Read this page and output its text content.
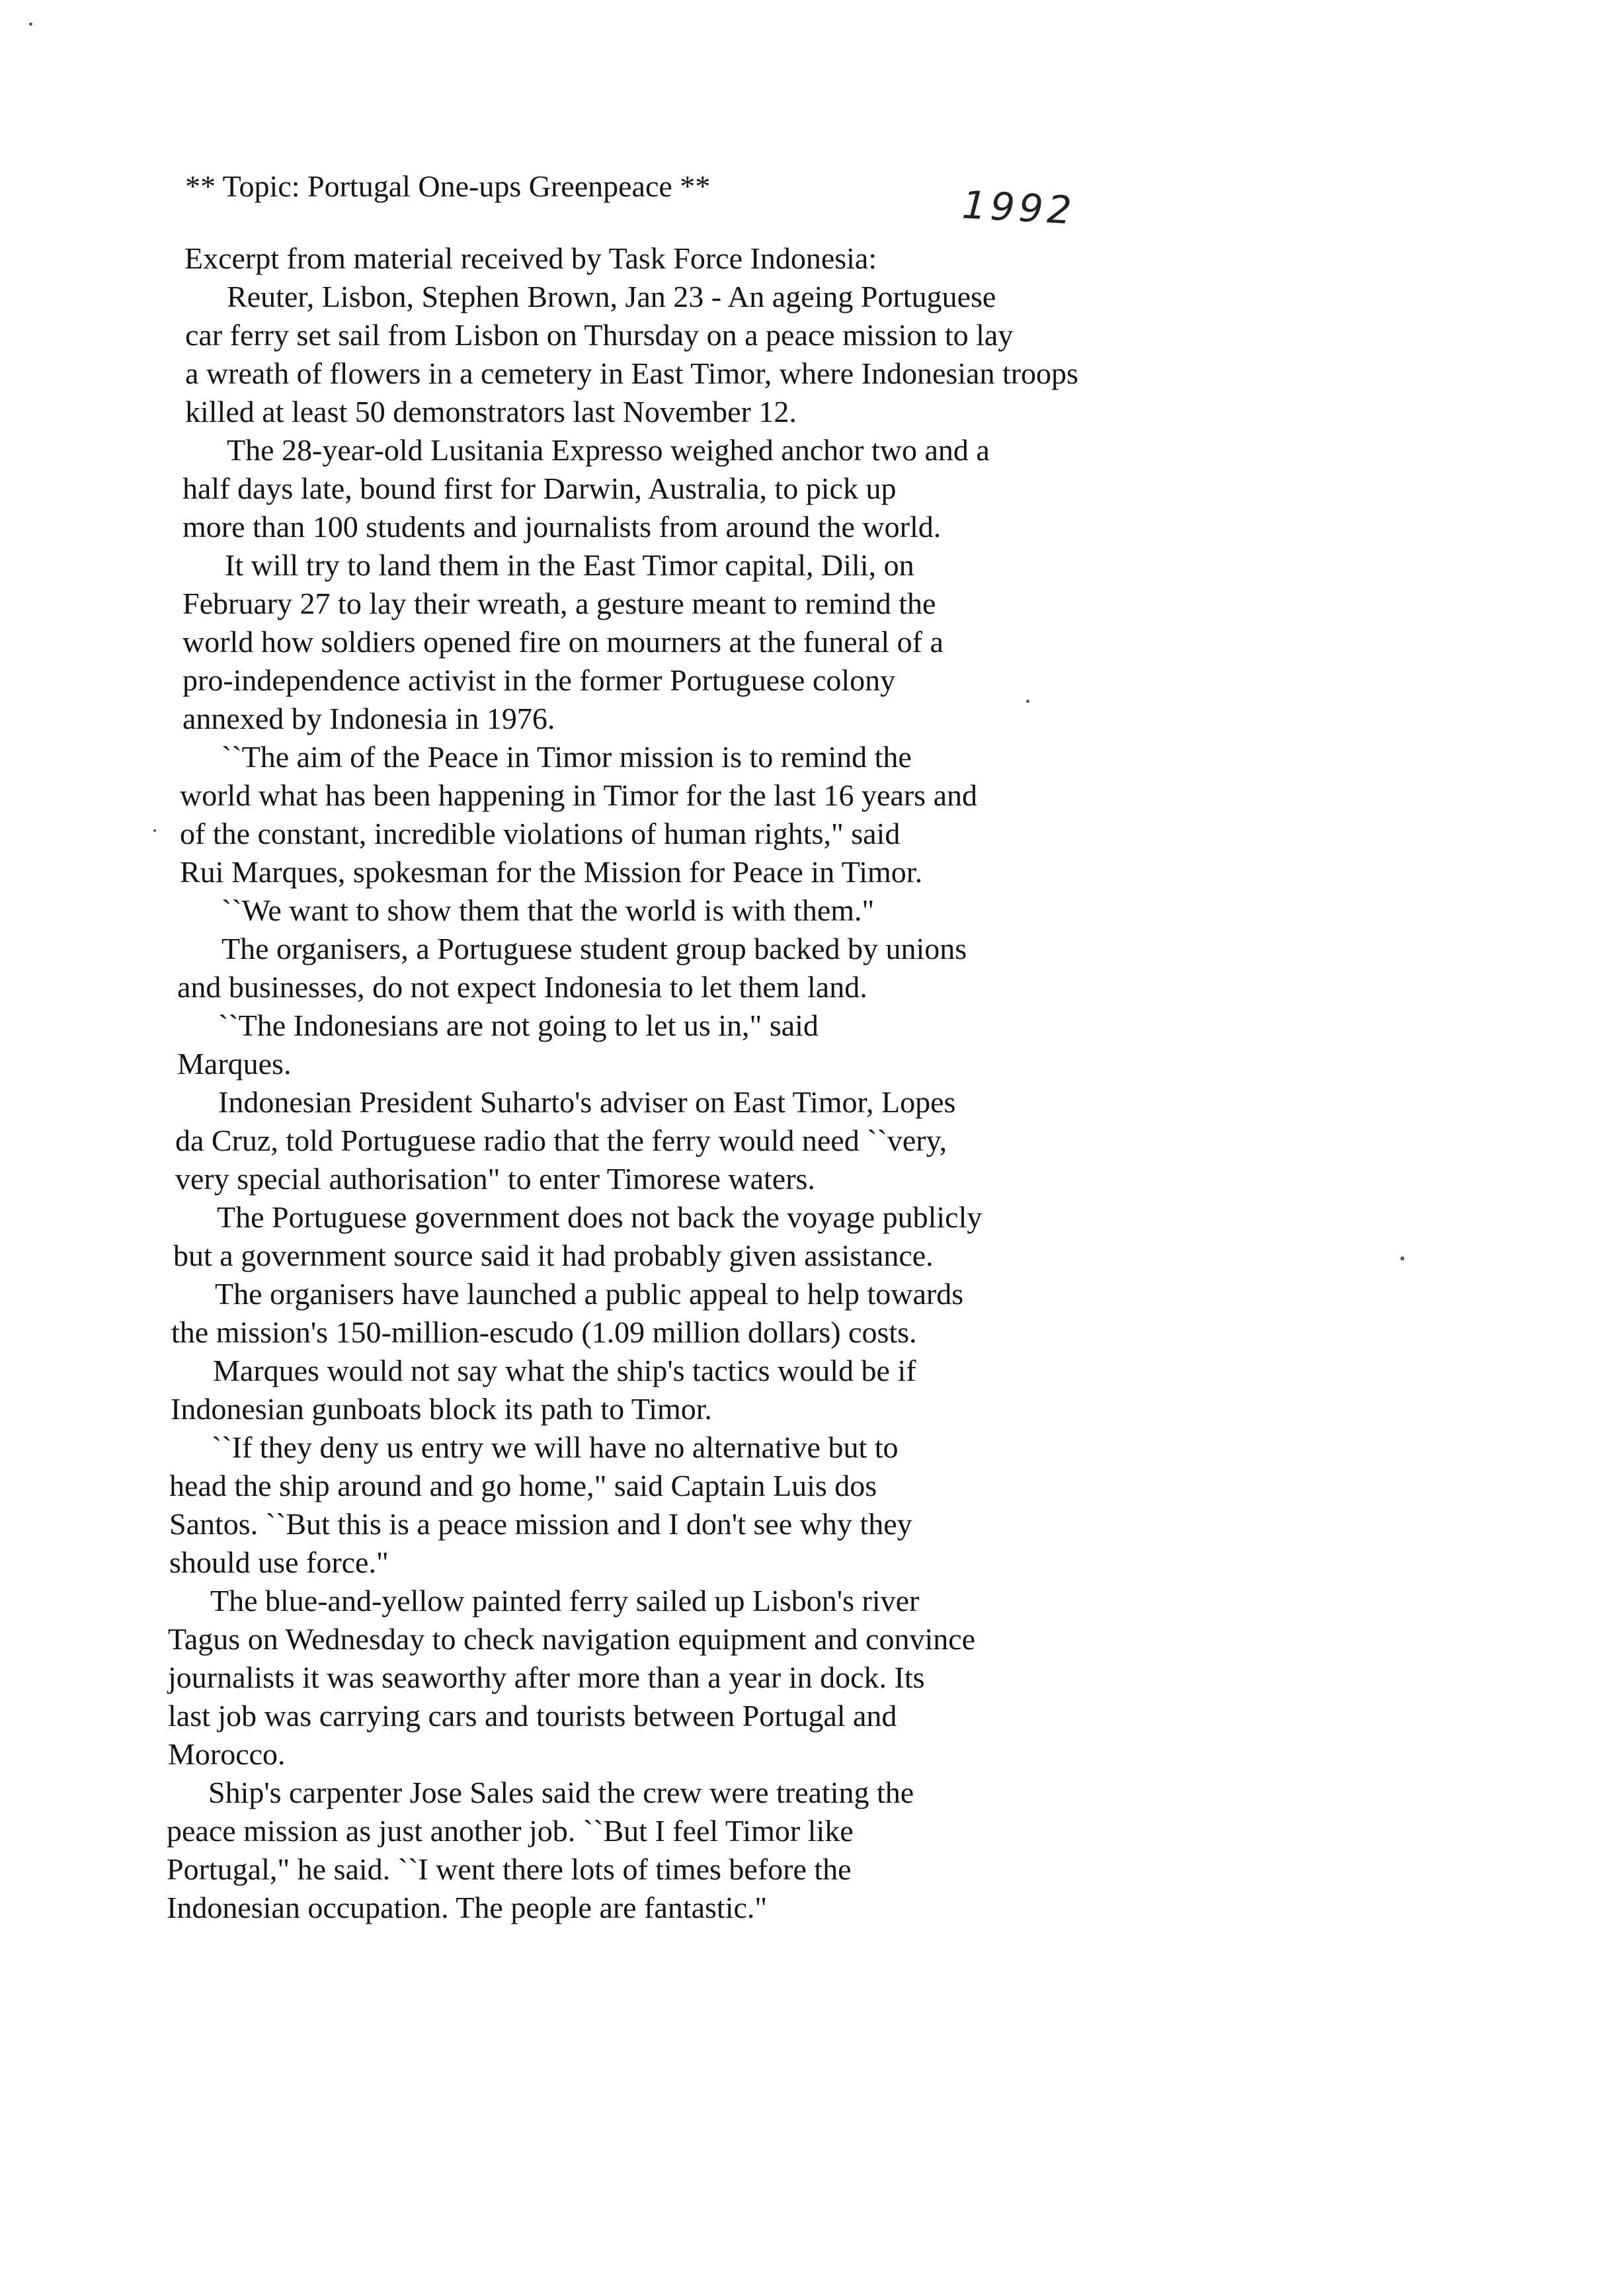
** Topic: Portugal One-ups Greenpeace **	1992
Excerpt from material received by Task Force Indonesia:
Reuter, Lisbon, Stephen Brown, Jan 23 - An ageing Portuguese
car ferry set sail from Lisbon on Thursday on a peace mission to lay
a wreath of flowers in a cemetery in East Timor, where Indonesian troops
killed at least 50 demonstrators last November 12.
The 28-year-old Lusitania Expresso weighed anchor two and a
half days late, bound first for Darwin, Australia, to pick up
more than 100 students and journalists from around the world.
It will try to land them in the East Timor capital, Dili, on
February 27 to lay their wreath, a gesture meant to remind the
world how soldiers opened fire on mourners at the funeral of a
pro-independence activist in the former Portuguese colony
annexed by Indonesia in 1976.
``The aim of the Peace in Timor mission is to remind the
world what has been happening in Timor for the last 16 years and
of the constant, incredible violations of human rights," said
Rui Marques, spokesman for the Mission for Peace in Timor.
``We want to show them that the world is with them."
The organisers, a Portuguese student group backed by unions
and businesses, do not expect Indonesia to let them land.
``The Indonesians are not going to let us in," said
Marques.
Indonesian President Suharto's adviser on East Timor, Lopes
da Cruz, told Portuguese radio that the ferry would need ``very,
very special authorisation" to enter Timorese waters.
The Portuguese government does not back the voyage publicly
but a government source said it had probably given assistance.
The organisers have launched a public appeal to help towards
the mission's 150-million-escudo (1.09 million dollars) costs.
Marques would not say what the ship's tactics would be if
Indonesian gunboats block its path to Timor.
``If they deny us entry we will have no alternative but to
head the ship around and go home," said Captain Luis dos
Santos. ``But this is a peace mission and I don't see why they
should use force."
The blue-and-yellow painted ferry sailed up Lisbon's river
Tagus on Wednesday to check navigation equipment and convince
journalists it was seaworthy after more than a year in dock. Its
last job was carrying cars and tourists between Portugal and
Morocco.
Ship's carpenter Jose Sales said the crew were treating the
peace mission as just another job. ``But I feel Timor like
Portugal," he said. ``I went there lots of times before the
Indonesian occupation. The people are fantastic."
